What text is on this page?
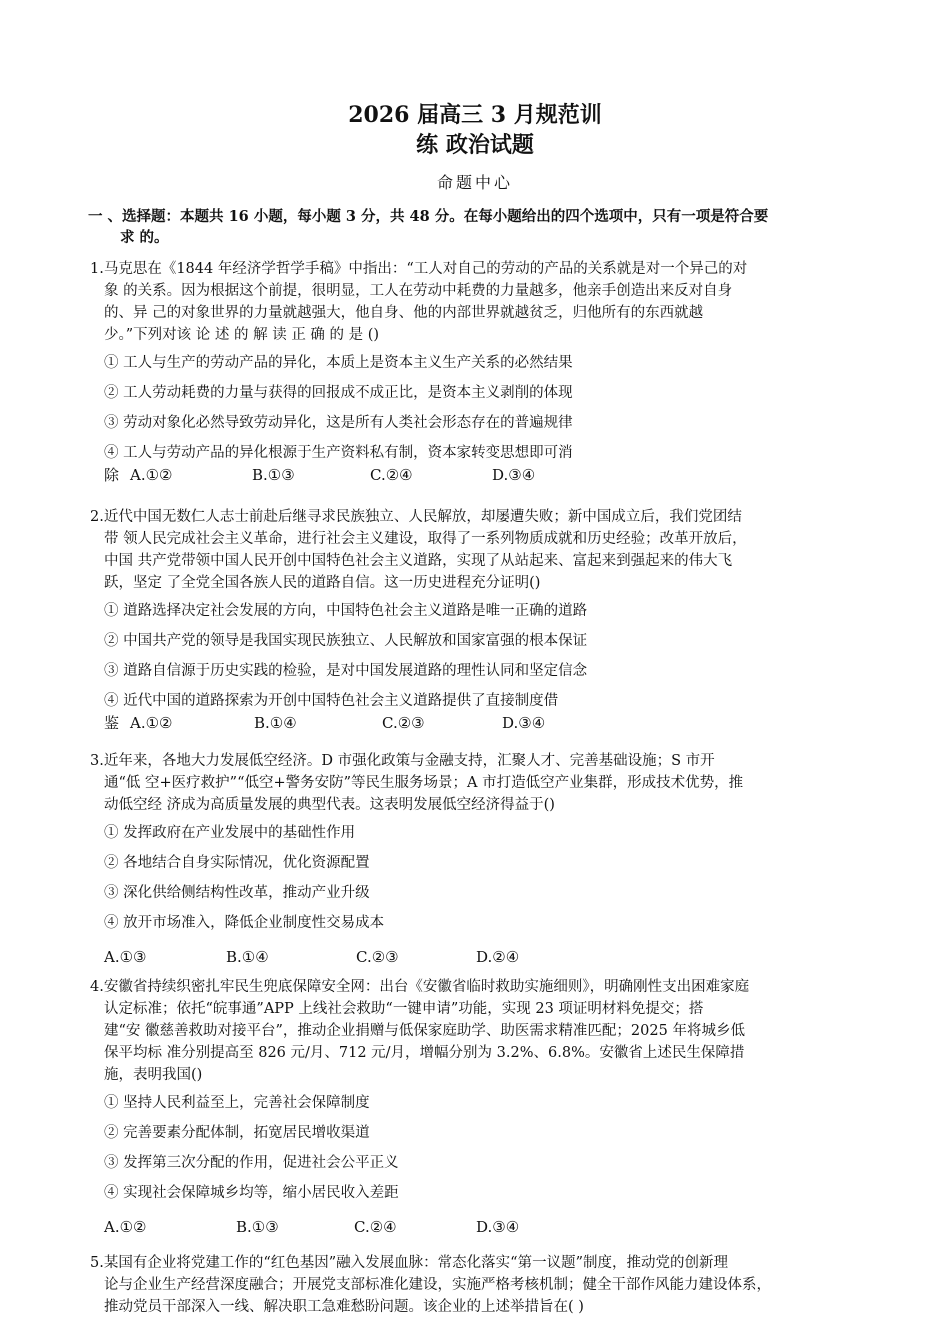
2026 届高三 3 月规范训
练 政治试题
命题中心
一 、选择题：本题共 16 小题，每小题 3 分，共 48 分。在每小题给出的四个选项中，只有一项是符合要
求 的。
1.马克思在《1844 年经济学哲学手稿》中指出：“工人对自己的劳动的产品的关系就是对一个异己的对
象 的关系。因为根据这个前提，很明显，工人在劳动中耗费的力量越多，他亲手创造出来反对自身
的、异 己的对象世界的力量就越强大，他自身、他的内部世界就越贫乏，归他所有的东西就越
少。”下列对该 论 述 的 解 读 正 确 的 是 ()
① 工人与生产的劳动产品的异化，本质上是资本主义生产关系的必然结果
② 工人劳动耗费的力量与获得的回报成不成正比，是资本主义剥削的体现
③ 劳动对象化必然导致劳动异化，这是所有人类社会形态存在的普遍规律
④ 工人与劳动产品的异化根源于生产资料私有制，资本家转变思想即可消
除 A.①②	B.①③	C.②④	D.③④
2.近代中国无数仁人志士前赴后继寻求民族独立、人民解放，却屡遭失败；新中国成立后，我们党团结
带 领人民完成社会主义革命，进行社会主义建设，取得了一系列物质成就和历史经验；改革开放后，
中国 共产党带领中国人民开创中国特色社会主义道路，实现了从站起来、富起来到强起来的伟大飞
跃，坚定 了全党全国各族人民的道路自信。这一历史进程充分证明()
① 道路选择决定社会发展的方向，中国特色社会主义道路是唯一正确的道路
② 中国共产党的领导是我国实现民族独立、人民解放和国家富强的根本保证
③ 道路自信源于历史实践的检验，是对中国发展道路的理性认同和坚定信念
④ 近代中国的道路探索为开创中国特色社会主义道路提供了直接制度借
鉴 A.①②	B.①④	C.②③	D.③④
3.近年来，各地大力发展低空经济。D 市强化政策与金融支持，汇聚人才、完善基础设施；S 市开
通“低 空+医疗救护”“低空+警务安防”等民生服务场景；A 市打造低空产业集群，形成技术优势，推
动低空经 济成为高质量发展的典型代表。这表明发展低空经济得益于()
① 发挥政府在产业发展中的基础性作用
② 各地结合自身实际情况，优化资源配置
③ 深化供给侧结构性改革，推动产业升级
④ 放开市场准入，降低企业制度性交易成本
A.①③	B.①④	C.②③	D.②④
4.安徽省持续织密扎牢民生兜底保障安全网：出台《安徽省临时救助实施细则》，明确刚性支出困难家庭
认定标准；依托“皖事通”APP 上线社会救助“一键申请”功能，实现 23 项证明材料免提交；搭
建“安 徽慈善救助对接平台”，推动企业捐赠与低保家庭助学、助医需求精准匹配；2025 年将城乡低
保平均标 准分别提高至 826 元/月、712 元/月，增幅分别为 3.2%、6.8%。安徽省上述民生保障措
施，表明我国()
① 坚持人民利益至上，完善社会保障制度
② 完善要素分配体制，拓宽居民增收渠道
③ 发挥第三次分配的作用，促进社会公平正义
④ 实现社会保障城乡均等，缩小居民收入差距
A.①②	B.①③	C.②④	D.③④
5.某国有企业将党建工作的“红色基因”融入发展血脉：常态化落实“第一议题”制度，推动党的创新理
论与企业生产经营深度融合；开展党支部标准化建设，实施严格考核机制；健全干部作风能力建设体系，
推动党员干部深入一线、解决职工急难愁盼问题。该企业的上述举措旨在( )
